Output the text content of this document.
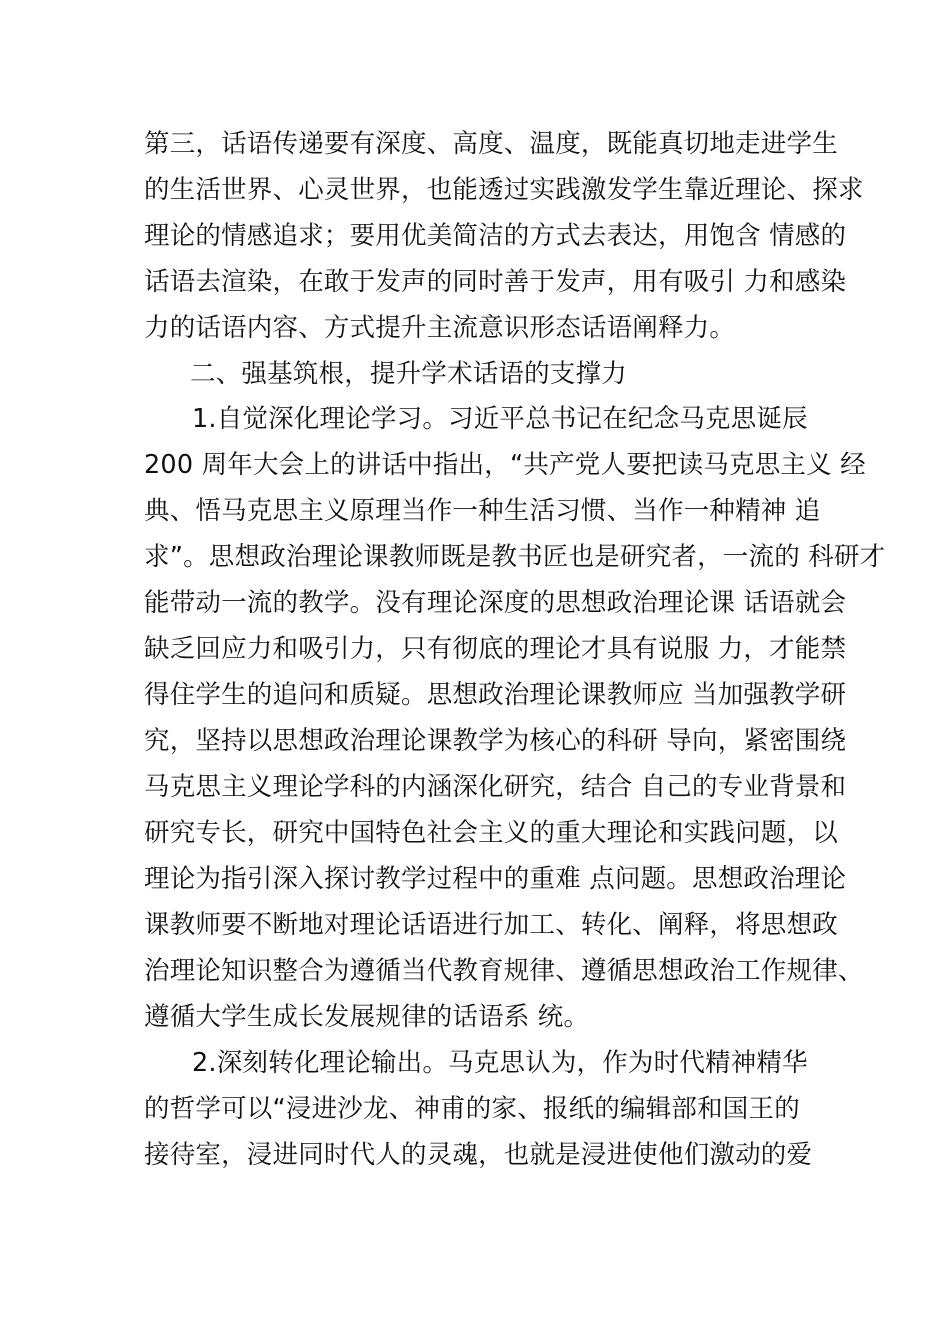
第三，话语传递要有深度、高度、温度，既能真切地走进学生
的生活世界、心灵世界，也能透过实践激发学生靠近理论、探求
理论的情感追求；要用优美简洁的方式去表达，用饱含 情感的
话语去渲染，在敢于发声的同时善于发声，用有吸引 力和感染
力的话语内容、方式提升主流意识形态话语阐释力。
二、强基筑根，提升学术话语的支撑力
1.自觉深化理论学习。习近平总书记在纪念马克思诞辰
200 周年大会上的讲话中指出，“共产党人要把读马克思主义 经
典、悟马克思主义原理当作一种生活习惯、当作一种精神 追
求”。思想政治理论课教师既是教书匠也是研究者，一流的 科研才
能带动一流的教学。没有理论深度的思想政治理论课 话语就会
缺乏回应力和吸引力，只有彻底的理论才具有说服 力，才能禁
得住学生的追问和质疑。思想政治理论课教师应 当加强教学研
究，坚持以思想政治理论课教学为核心的科研 导向，紧密围绕
马克思主义理论学科的内涵深化研究，结合 自己的专业背景和
研究专长，研究中国特色社会主义的重大理论和实践问题，以
理论为指引深入探讨教学过程中的重难 点问题。思想政治理论
课教师要不断地对理论话语进行加工、转化、阐释，将思想政
治理论知识整合为遵循当代教育规律、遵循思想政治工作规律、
遵循大学生成长发展规律的话语系 统。
2.深刻转化理论输出。马克思认为，作为时代精神精华
的哲学可以“浸进沙龙、神甫的家、报纸的编辑部和国王的
接待室，浸进同时代人的灵魂，也就是浸进使他们激动的爱
